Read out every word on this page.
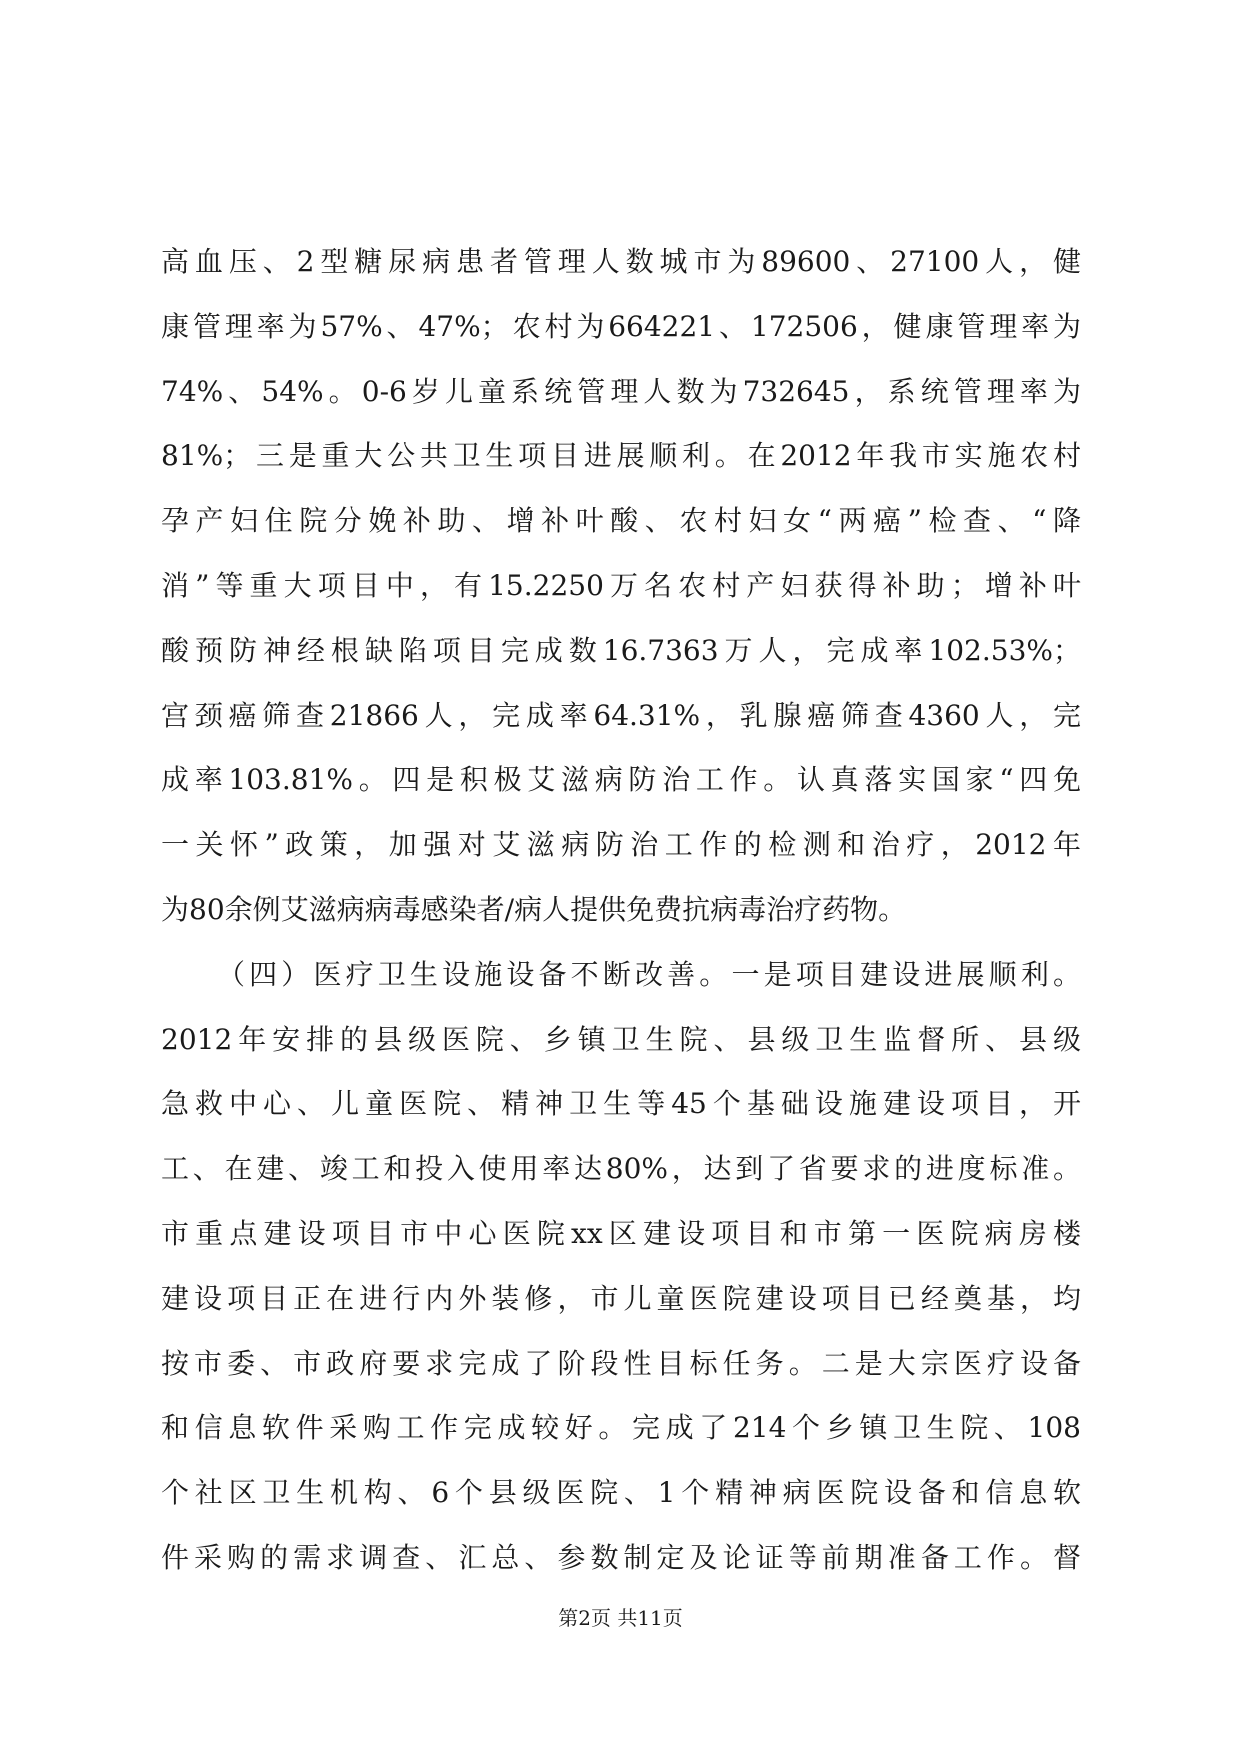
高血压、2型糖尿病患者管理人数城市为89600、27100人，健
康管理率为57%、47%；农村为664221、172506，健康管理率为
74%、54%。0-6岁儿童系统管理人数为732645，系统管理率为
81%；三是重大公共卫生项目进展顺利。在2012年我市实施农村
孕产妇住院分娩补助、增补叶酸、农村妇女“两癌”检查、“降
消”等重大项目中，有15.2250万名农村产妇获得补助；增补叶
酸预防神经根缺陷项目完成数16.7363万人，完成率102.53%；
宫颈癌筛查21866人，完成率64.31%，乳腺癌筛查4360人，完
成率103.81%。四是积极艾滋病防治工作。认真落实国家“四免
一关怀”政策，加强对艾滋病防治工作的检测和治疗，2012年
为80余例艾滋病病毒感染者/病人提供免费抗病毒治疗药物。
（四）医疗卫生设施设备不断改善。一是项目建设进展顺利。
2012年安排的县级医院、乡镇卫生院、县级卫生监督所、县级
急救中心、儿童医院、精神卫生等45个基础设施建设项目，开
工、在建、竣工和投入使用率达80%，达到了省要求的进度标准。
市重点建设项目市中心医院xx区建设项目和市第一医院病房楼
建设项目正在进行内外装修，市儿童医院建设项目已经奠基，均
按市委、市政府要求完成了阶段性目标任务。二是大宗医疗设备
和信息软件采购工作完成较好。完成了214个乡镇卫生院、108
个社区卫生机构、6个县级医院、1个精神病医院设备和信息软
件采购的需求调查、汇总、参数制定及论证等前期准备工作。督
第2页 共11页
